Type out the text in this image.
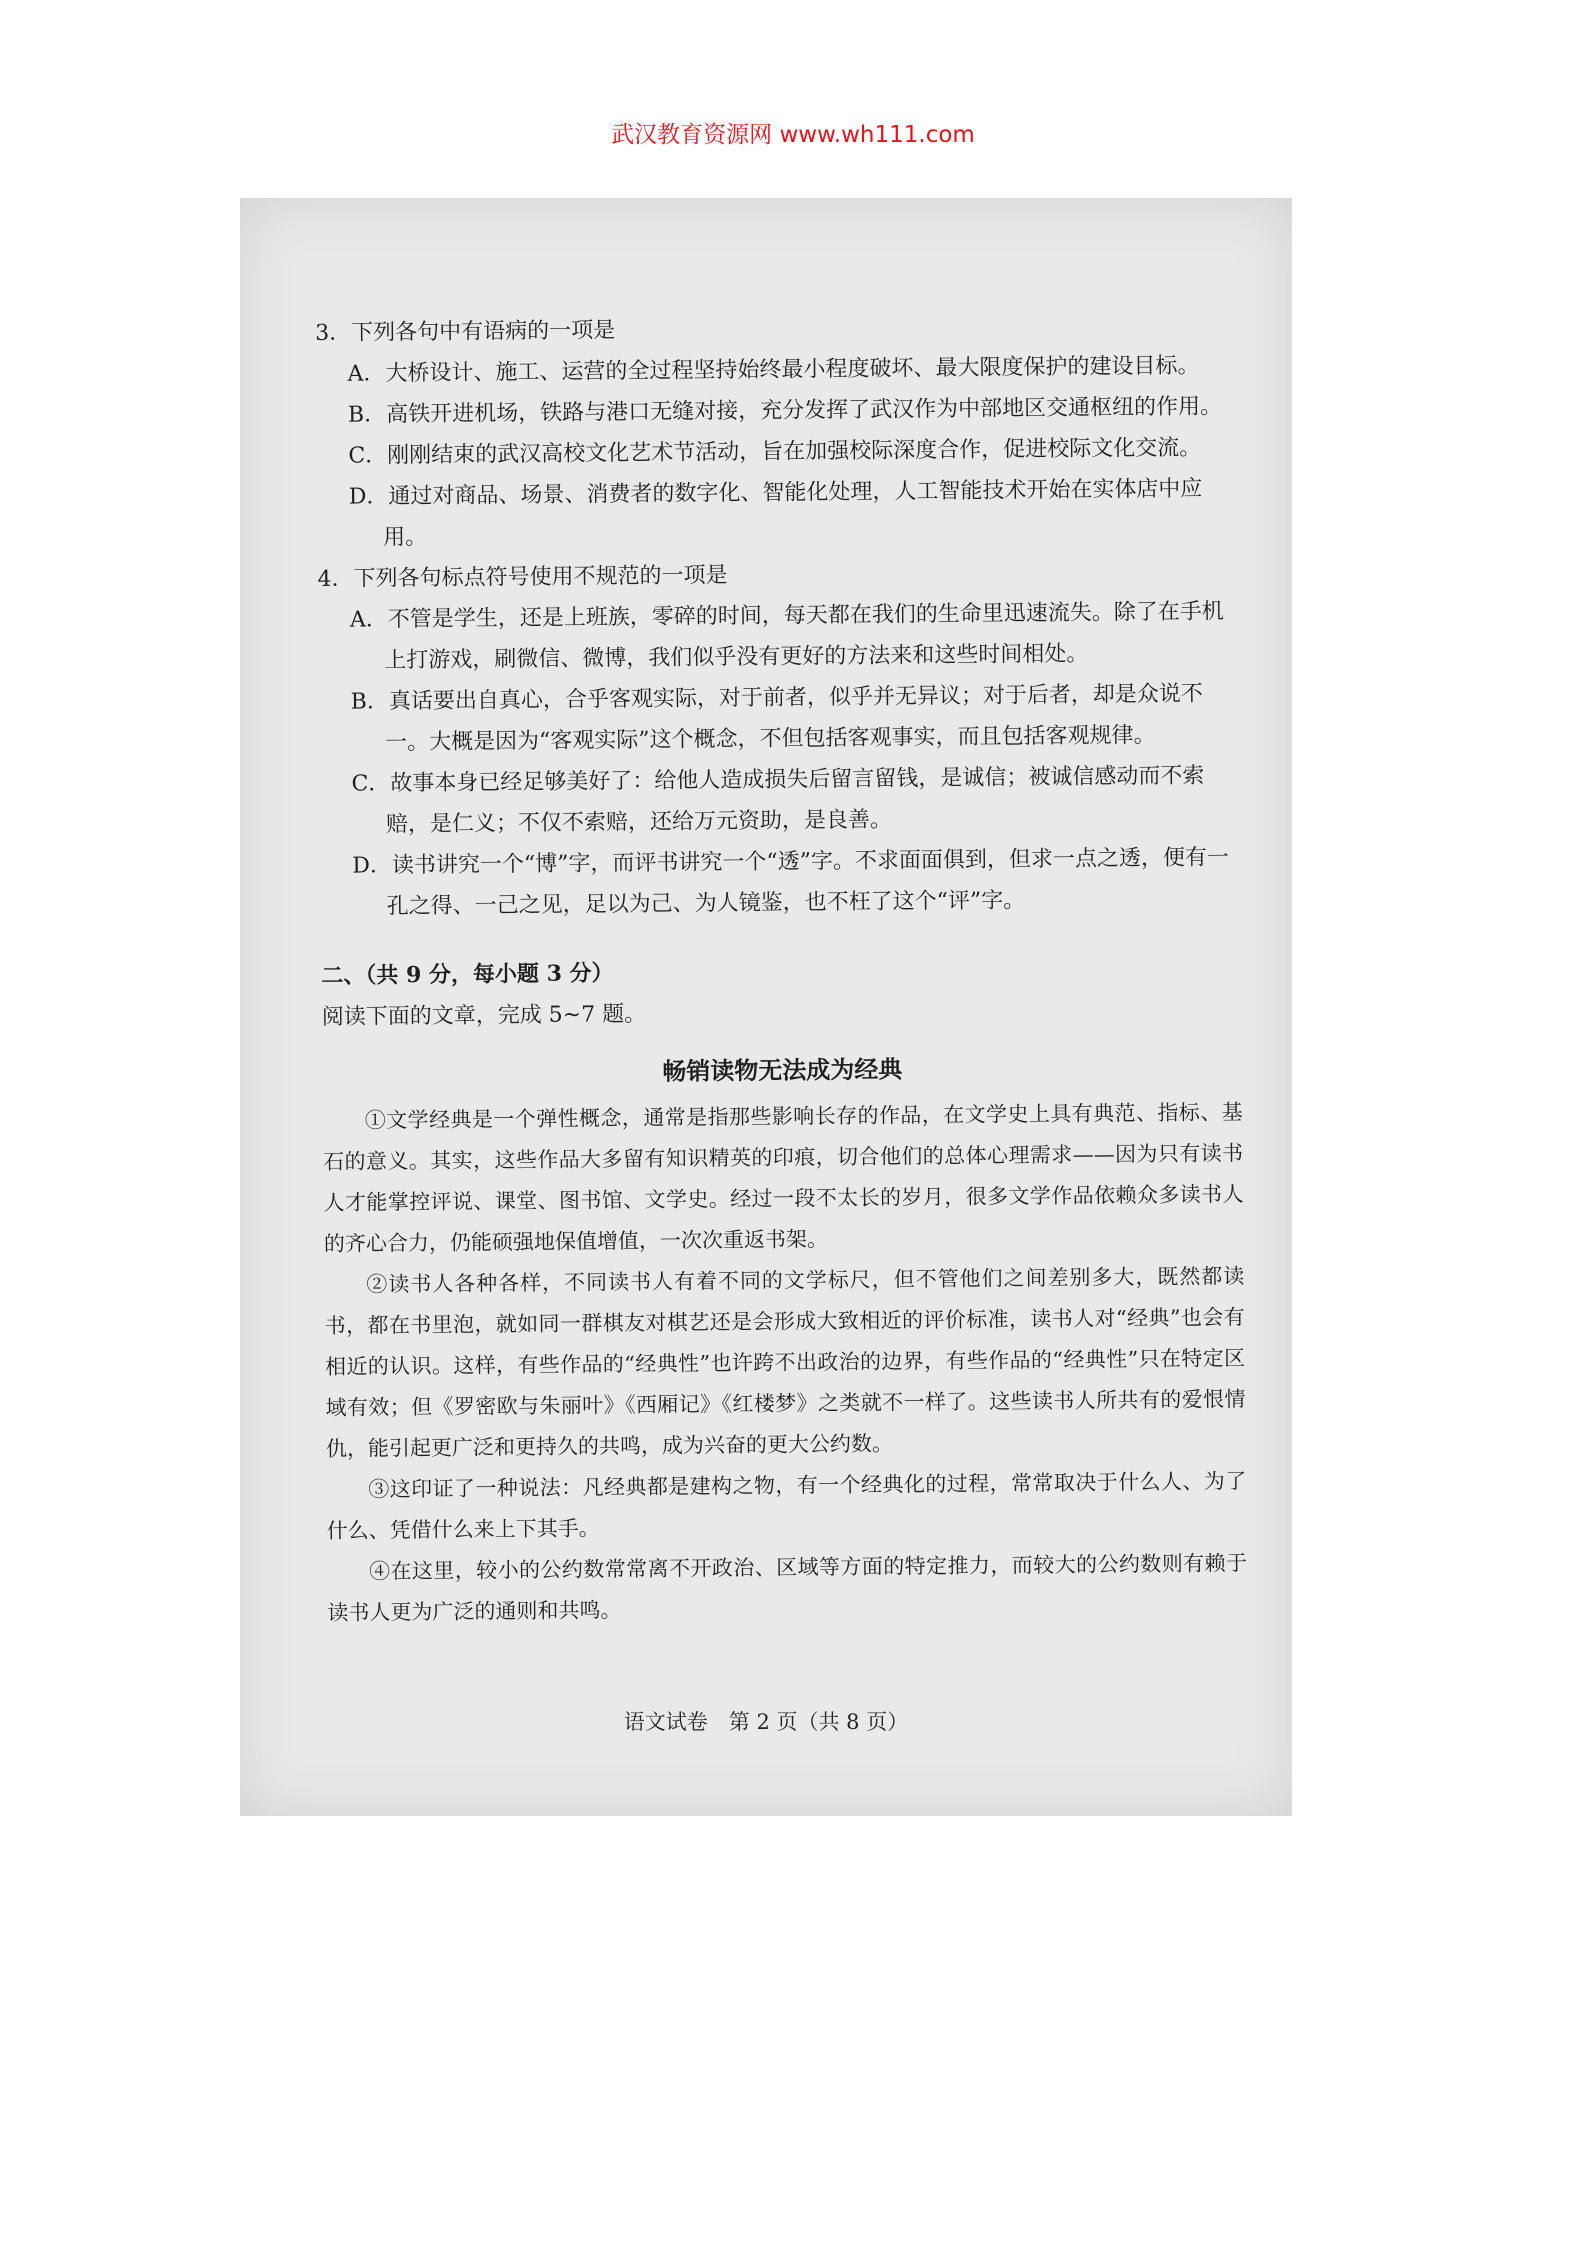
武汉教育资源网 www.wh111.com

3．下列各句中有语病的一项是

A．大桥设计、施工、运营的全过程坚持始终最小程度破坏、最大限度保护的建设目标。

B．高铁开进机场，铁路与港口无缝对接，充分发挥了武汉作为中部地区交通枢纽的作用。

C．刚刚结束的武汉高校文化艺术节活动，旨在加强校际深度合作，促进校际文化交流。

D．通过对商品、场景、消费者的数字化、智能化处理，人工智能技术开始在实体店中应用。

4．下列各句标点符号使用不规范的一项是

A．不管是学生，还是上班族，零碎的时间，每天都在我们的生命里迅速流失。除了在手机上打游戏，刷微信、微博，我们似乎没有更好的方法来和这些时间相处。

B．真话要出自真心，合乎客观实际，对于前者，似乎并无异议；对于后者，却是众说不一。大概是因为“客观实际”这个概念，不但包括客观事实，而且包括客观规律。

C．故事本身已经足够美好了：给他人造成损失后留言留钱，是诚信；被诚信感动而不索赔，是仁义；不仅不索赔，还给万元资助，是良善。

D．读书讲究一个“博”字，而评书讲究一个“透”字。不求面面俱到，但求一点之透，便有一孔之得、一己之见，足以为己、为人镜鉴，也不枉了这个“评”字。

二、（共 9 分，每小题 3 分）

阅读下面的文章，完成 5~7 题。

畅销读物无法成为经典

①文学经典是一个弹性概念，通常是指那些影响长存的作品，在文学史上具有典范、指标、基石的意义。其实，这些作品大多留有知识精英的印痕，切合他们的总体心理需求——因为只有读书人才能掌控评说、课堂、图书馆、文学史。经过一段不太长的岁月，很多文学作品依赖众多读书人的齐心合力，仍能硕强地保值增值，一次次重返书架。

②读书人各种各样，不同读书人有着不同的文学标尺，但不管他们之间差别多大，既然都读书，都在书里泡，就如同一群棋友对棋艺还是会形成大致相近的评价标准，读书人对“经典”也会有相近的认识。这样，有些作品的“经典性”也许跨不出政治的边界，有些作品的“经典性”只在特定区域有效；但《罗密欧与朱丽叶》《西厢记》《红楼梦》之类就不一样了。这些读书人所共有的爱恨情仇，能引起更广泛和更持久的共鸣，成为兴奋的更大公约数。

③这印证了一种说法：凡经典都是建构之物，有一个经典化的过程，常常取决于什么人、为了什么、凭借什么来上下其手。

④在这里，较小的公约数常常离不开政治、区域等方面的特定推力，而较大的公约数则有赖于读书人更为广泛的通则和共鸣。

语文试卷　第 2 页（共 8 页）
